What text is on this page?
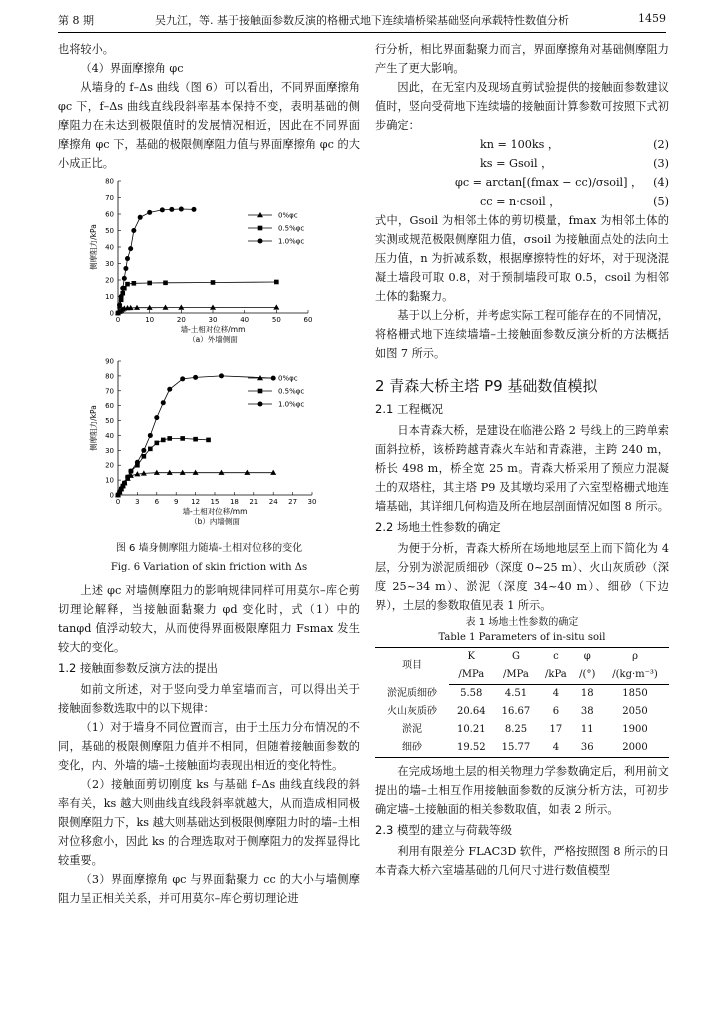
第 8 期	吴九江，等. 基于接触面参数反演的格栅式地下连续墙桥梁基础竖向承载特性数值分析	1459

也将较小。

（4）界面摩擦角 φc

从墙身的 f–Δs 曲线（图 6）可以看出，不同界面摩擦角 φc 下，f–Δs 曲线直线段斜率基本保持不变，表明基础的侧摩阻力在未达到极限值时的发展情况相近，因此在不同界面摩擦角 φc 下，基础的极限侧摩阻力值与界面摩擦角 φc 的大小成正比。

0	10	20	30	40	50	60
0
10
20
30
40
50
60
70
80
墙-土相对位移/mm
（a）外墙侧面
侧摩阻力/kPa
0%φc
0.5%φc
1.0%φc
0 3 6 9 12 15 18 21 24 27 30
0
10
20
30
40
50
60
70
80
90
墙-土相对位移/mm
（b）内墙侧面
侧摩阻力/kPa
0%φc
0.5%φc
1.0%φc

图 6 墙身侧摩阻力随墙-土相对位移的变化

Fig. 6 Variation of skin friction with Δs

上述 φc 对墙侧摩阻力的影响规律同样可用莫尔–库仑剪切理论解释，当接触面黏聚力 φd 变化时，式（1）中的 tanφd 值浮动较大，从而使得界面极限摩阻力 Fsmax 发生较大的变化。

1.2 接触面参数反演方法的提出

如前文所述，对于竖向受力单室墙而言，可以得出关于接触面参数选取中的以下规律：

（1）对于墙身不同位置而言，由于土压力分布情况的不同，基础的极限侧摩阻力值并不相同，但随着接触面参数的变化，内、外墙的墙–土接触面均表现出相近的变化特性。

（2）接触面剪切刚度 ks 与基础 f–Δs 曲线直线段的斜率有关，ks 越大则曲线直线段斜率就越大，从而造成相同极限侧摩阻力下，ks 越大则基础达到极限侧摩阻力时的墙–土相对位移愈小，因此 ks 的合理选取对于侧摩阻力的发挥显得比较重要。

（3）界面摩擦角 φc 与界面黏聚力 cc 的大小与墙侧摩阻力呈正相关关系，并可用莫尔–库仑剪切理论进

行分析，相比界面黏聚力而言，界面摩擦角对基础侧摩阻力产生了更大影响。

因此，在无室内及现场直剪试验提供的接触面参数建议值时，竖向受荷地下连续墙的接触面计算参数可按照下式初步确定：

kn = 100ks ，	(2)
ks = Gsoil ，	(3)
φc = arctan[(fmax − cc)/σsoil] ， (4)
cc = n·csoil ，	(5)

式中，Gsoil 为相邻土体的剪切模量，fmax 为相邻土体的实测或规范极限侧摩阻力值，σsoil 为接触面点处的法向土压力值，n 为折减系数，根据摩擦特性的好坏，对于现浇混凝土墙段可取 0.8，对于预制墙段可取 0.5，csoil 为相邻土体的黏聚力。

基于以上分析，并考虑实际工程可能存在的不同情况，将格栅式地下连续墙墙–土接触面参数反演分析的方法概括如图 7 所示。

2 青森大桥主塔 P9 基础数值模拟

2.1 工程概况

日本青森大桥，是建设在临港公路 2 号线上的三跨单索面斜拉桥，该桥跨越青森火车站和青森港，主跨 240 m，桥长 498 m，桥全宽 25 m。青森大桥采用了预应力混凝土的双塔柱，其主塔 P9 及其墩均采用了六室型格栅式地连墙基础，其详细几何构造及所在地层剖面情况如图 8 所示。

2.2 场地土性参数的确定

为便于分析，青森大桥所在场地地层至上而下简化为 4 层，分别为淤泥质细砂（深度 0~25 m）、火山灰质砂（深度 25~34 m）、淤泥（深度 34~40 m）、细砂（下边界），土层的参数取值见表 1 所示。

表 1 场地土性参数的确定

Table 1 Parameters of in-situ soil

项目	K	G	c	φ	ρ
	/MPa	/MPa	/kPa	/(°)	/(kg·m⁻³)
淤泥质细砂	5.58	4.51	4	18	1850
火山灰质砂	20.64	16.67	6	38	2050
淤泥	10.21	8.25	17	11	1900
细砂	19.52	15.77	4	36	2000

在完成场地土层的相关物理力学参数确定后，利用前文提出的墙–土相互作用接触面参数的反演分析方法，可初步确定墙–土接触面的相关参数取值，如表 2 所示。

2.3 模型的建立与荷载等级

利用有限差分 FLAC3D 软件，严格按照图 8 所示的日本青森大桥六室墙基础的几何尺寸进行数值模型
